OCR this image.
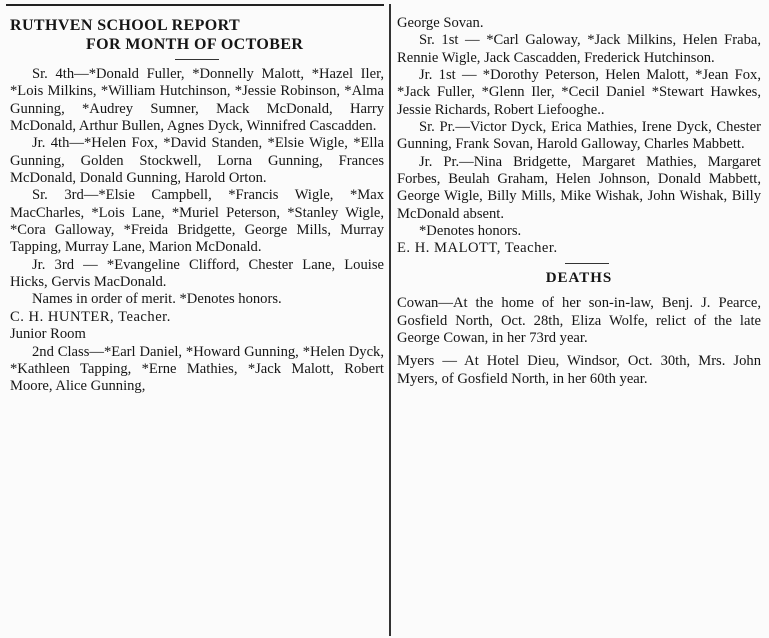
RUTHVEN SCHOOL REPORT
FOR MONTH OF OCTOBER

Sr. 4th—*Donald Fuller, *Donnelly Malott, *Hazel Iler, *Lois Milkins, *William Hutchinson, *Jessie Robinson, *Alma Gunning, *Audrey Sumner, Mack McDonald, Harry McDonald, Arthur Bullen, Agnes Dyck, Winnifred Cascadden.

Jr. 4th—*Helen Fox, *David Standen, *Elsie Wigle, *Ella Gunning, Golden Stockwell, Lorna Gunning, Frances McDonald, Donald Gunning, Harold Orton.

Sr. 3rd—*Elsie Campbell, *Francis Wigle, *Max MacCharles, *Lois Lane, *Muriel Peterson, *Stanley Wigle, *Cora Galloway, *Freida Bridgette, George Mills, Murray Tapping, Murray Lane, Marion McDonald.

Jr. 3rd — *Evangeline Clifford, Chester Lane, Louise Hicks, Gervis MacDonald.

Names in order of merit. *Denotes honors.

C. H. HUNTER, Teacher.

Junior Room

2nd Class—*Earl Daniel, *Howard Gunning, *Helen Dyck, *Kathleen Tapping, *Erne Mathies, *Jack Malott, Robert Moore, Alice Gunning,

George Sovan.

Sr. 1st — *Carl Galoway, *Jack Milkins, Helen Fraba, Rennie Wigle, Jack Cascadden, Frederick Hutchinson.

Jr. 1st — *Dorothy Peterson, Helen Malott, *Jean Fox, *Jack Fuller, *Glenn Iler, *Cecil Daniel *Stewart Hawkes, Jessie Richards, Robert Liefooghe..

Sr. Pr.—Victor Dyck, Erica Mathies, Irene Dyck, Chester Gunning, Frank Sovan, Harold Galloway, Charles Mabbett.

Jr. Pr.—Nina Bridgette, Margaret Mathies, Margaret Forbes, Beulah Graham, Helen Johnson, Donald Mabbett, George Wigle, Billy Mills, Mike Wishak, John Wishak, Billy McDonald absent.

*Denotes honors.

E. H. MALOTT, Teacher.

DEATHS

Cowan—At the home of her son-in-law, Benj. J. Pearce, Gosfield North, Oct. 28th, Eliza Wolfe, relict of the late George Cowan, in her 73rd year.

Myers — At Hotel Dieu, Windsor, Oct. 30th, Mrs. John Myers, of Gosfield North, in her 60th year.
